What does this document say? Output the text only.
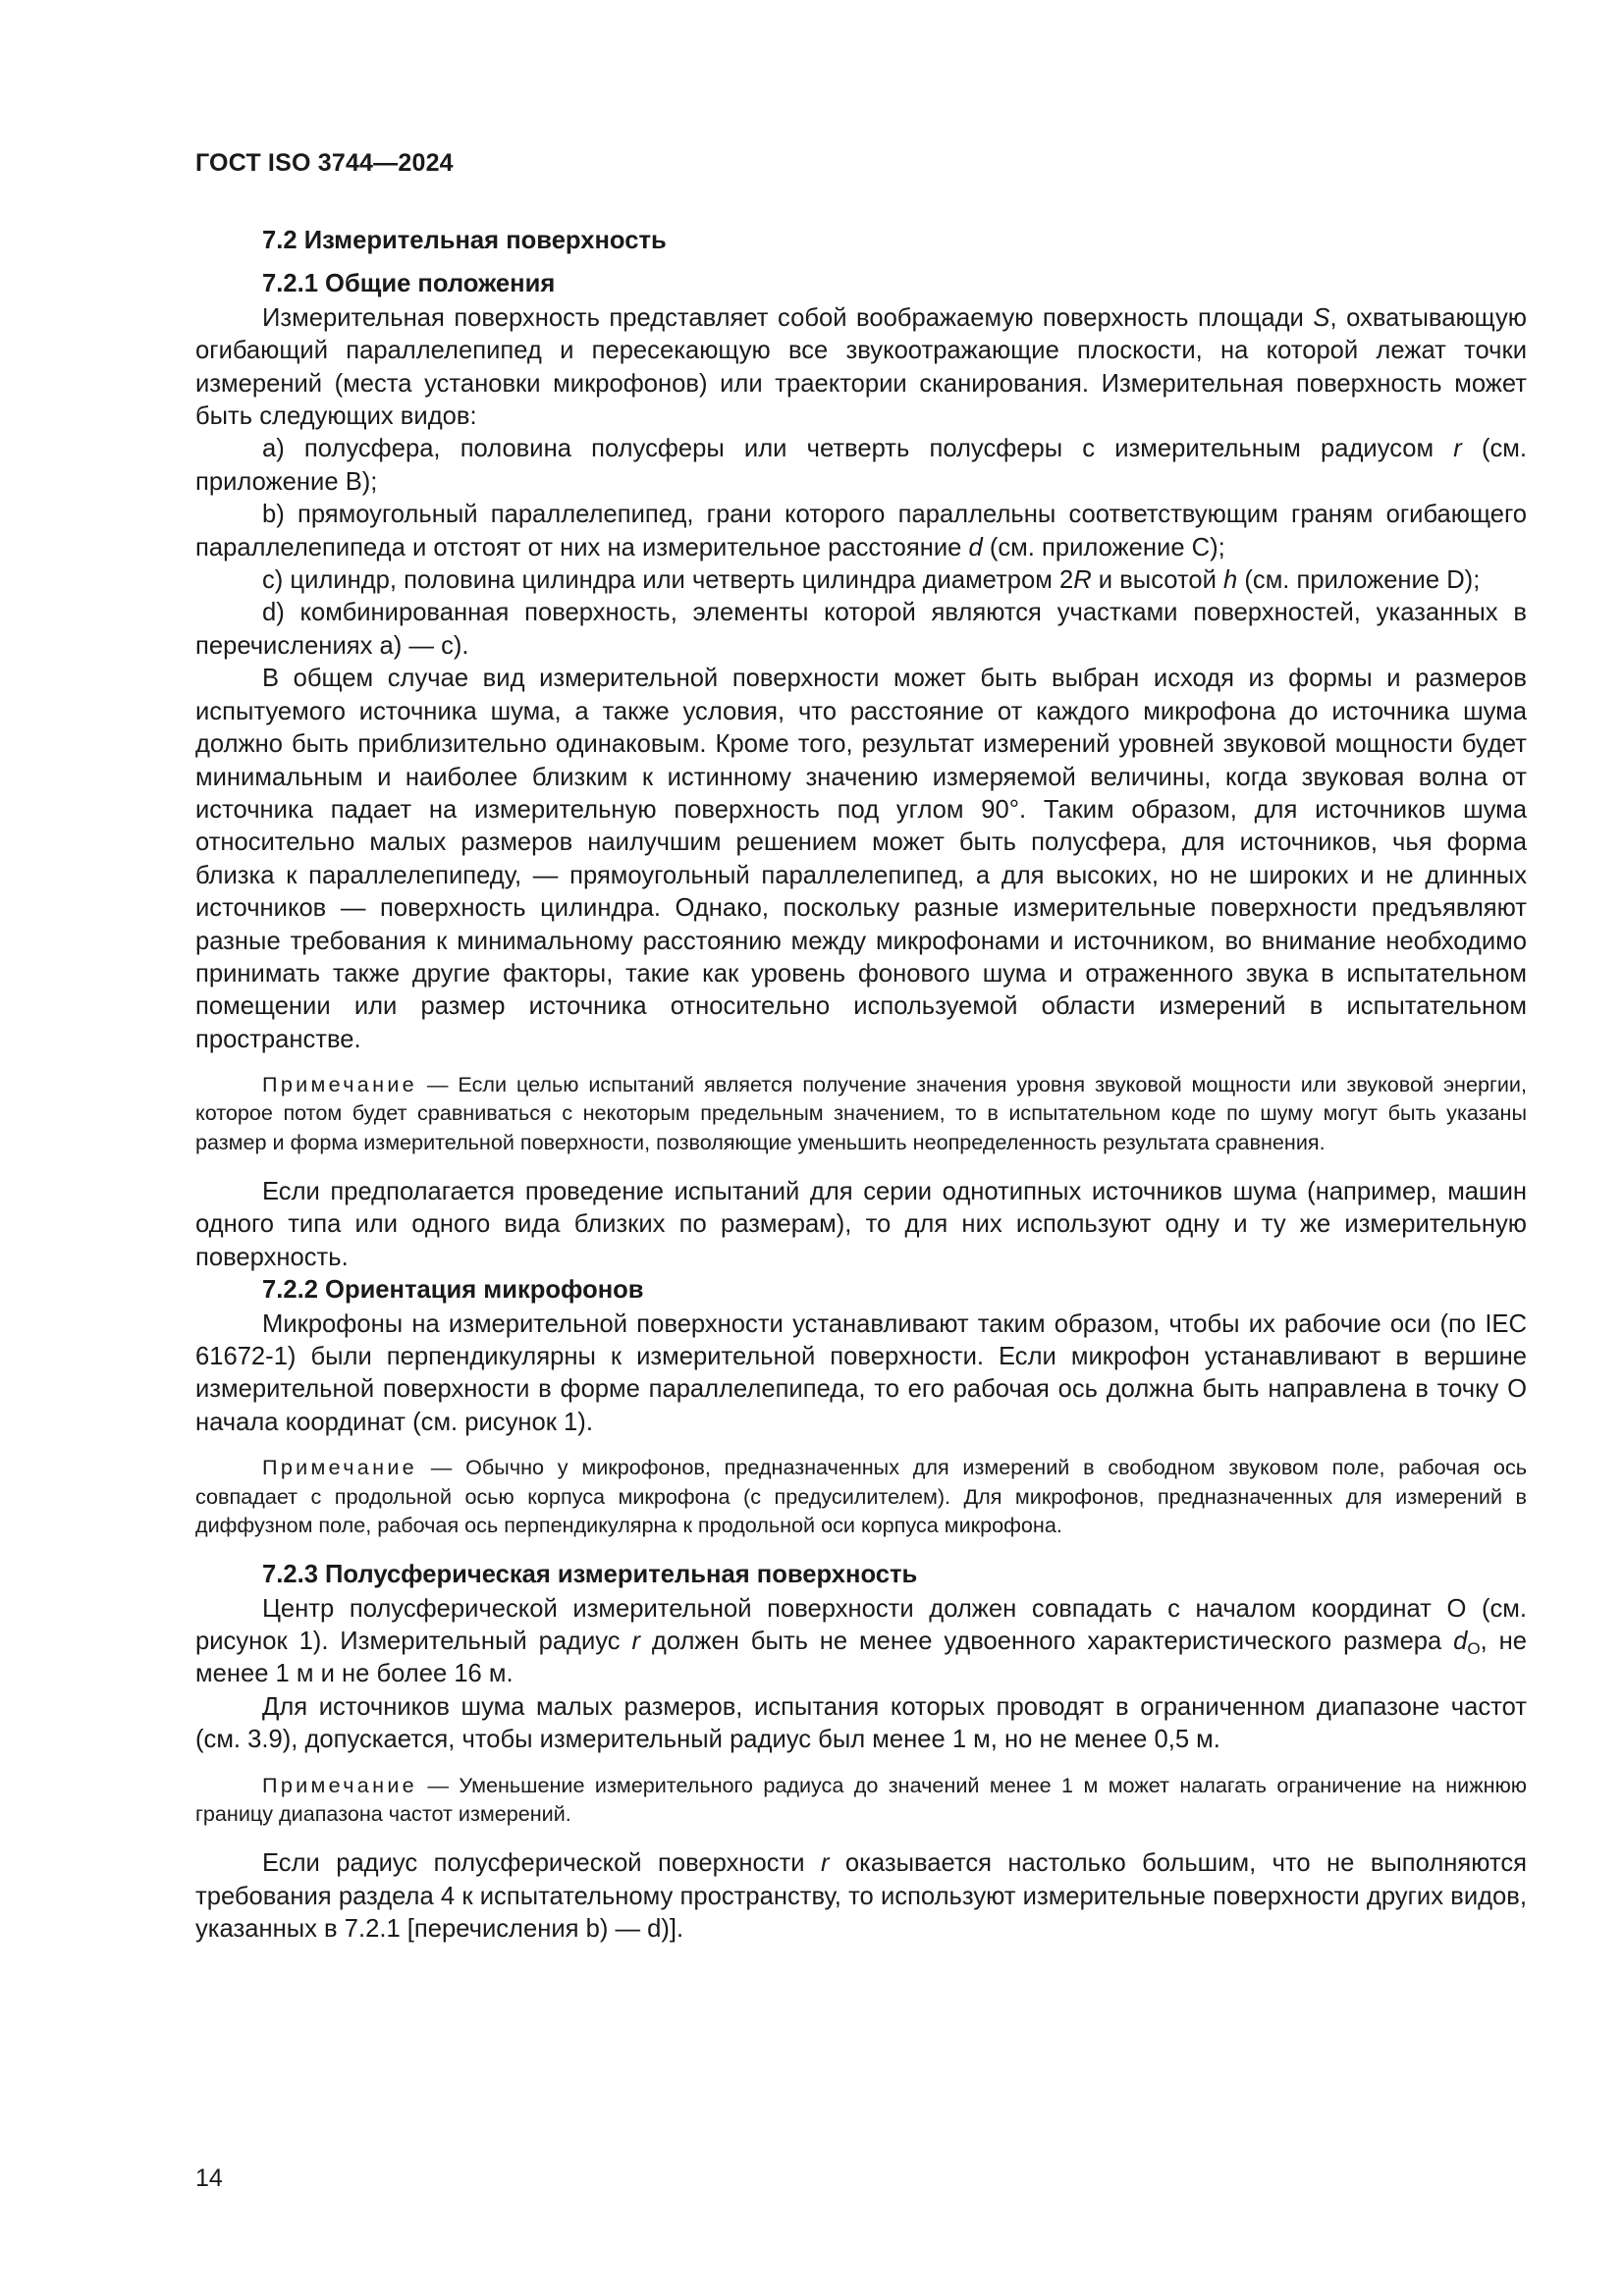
ГОСТ ISO 3744—2024
7.2 Измерительная поверхность
7.2.1 Общие положения

Измерительная поверхность представляет собой воображаемую поверхность площади S, охватывающую огибающий параллелепипед и пересекающую все звукоотражающие плоскости, на которой лежат точки измерений (места установки микрофонов) или траектории сканирования. Измерительная поверхность может быть следующих видов:

а) полусфера, половина полусферы или четверть полусферы с измерительным радиусом r (см. приложение В);

b) прямоугольный параллелепипед, грани которого параллельны соответствующим граням огибающего параллелепипеда и отстоят от них на измерительное расстояние d (см. приложение С);

c) цилиндр, половина цилиндра или четверть цилиндра диаметром 2R и высотой h (см. приложение D);

d) комбинированная поверхность, элементы которой являются участками поверхностей, указанных в перечислениях а) — c).

В общем случае вид измерительной поверхности может быть выбран исходя из формы и размеров испытуемого источника шума, а также условия, что расстояние от каждого микрофона до источника шума должно быть приблизительно одинаковым. Кроме того, результат измерений уровней звуковой мощности будет минимальным и наиболее близким к истинному значению измеряемой величины, когда звуковая волна от источника падает на измерительную поверхность под углом 90°. Таким образом, для источников шума относительно малых размеров наилучшим решением может быть полусфера, для источников, чья форма близка к параллелепипеду, — прямоугольный параллелепипед, а для высоких, но не широких и не длинных источников — поверхность цилиндра. Однако, поскольку разные измерительные поверхности предъявляют разные требования к минимальному расстоянию между микрофонами и источником, во внимание необходимо принимать также другие факторы, такие как уровень фонового шума и отраженного звука в испытательном помещении или размер источника относительно используемой области измерений в испытательном пространстве.

Примечание — Если целью испытаний является получение значения уровня звуковой мощности или звуковой энергии, которое потом будет сравниваться с некоторым предельным значением, то в испытательном коде по шуму могут быть указаны размер и форма измерительной поверхности, позволяющие уменьшить неопределенность результата сравнения.

Если предполагается проведение испытаний для серии однотипных источников шума (например, машин одного типа или одного вида близких по размерам), то для них используют одну и ту же измерительную поверхность.

7.2.2 Ориентация микрофонов

Микрофоны на измерительной поверхности устанавливают таким образом, чтобы их рабочие оси (по IEC 61672-1) были перпендикулярны к измерительной поверхности. Если микрофон устанавливают в вершине измерительной поверхности в форме параллелепипеда, то его рабочая ось должна быть направлена в точку О начала координат (см. рисунок 1).

Примечание — Обычно у микрофонов, предназначенных для измерений в свободном звуковом поле, рабочая ось совпадает с продольной осью корпуса микрофона (с предусилителем). Для микрофонов, предназначенных для измерений в диффузном поле, рабочая ось перпендикулярна к продольной оси корпуса микрофона.
7.2.3 Полусферическая измерительная поверхность

Центр полусферической измерительной поверхности должен совпадать с началом координат О (см. рисунок 1). Измерительный радиус r должен быть не менее удвоенного характеристического размера $d_O$, не менее 1 м и не более 16 м.

Для источников шума малых размеров, испытания которых проводят в ограниченном диапазоне частот (см. 3.9), допускается, чтобы измерительный радиус был менее 1 м, но не менее 0,5 м.

Примечание — Уменьшение измерительного радиуса до значений менее 1 м может налагать ограничение на нижнюю границу диапазона частот измерений.

Если радиус полусферической поверхности r оказывается настолько большим, что не выполняются требования раздела 4 к испытательному пространству, то используют измерительные поверхности других видов, указанных в 7.2.1 [перечисления b) — d)].

14
